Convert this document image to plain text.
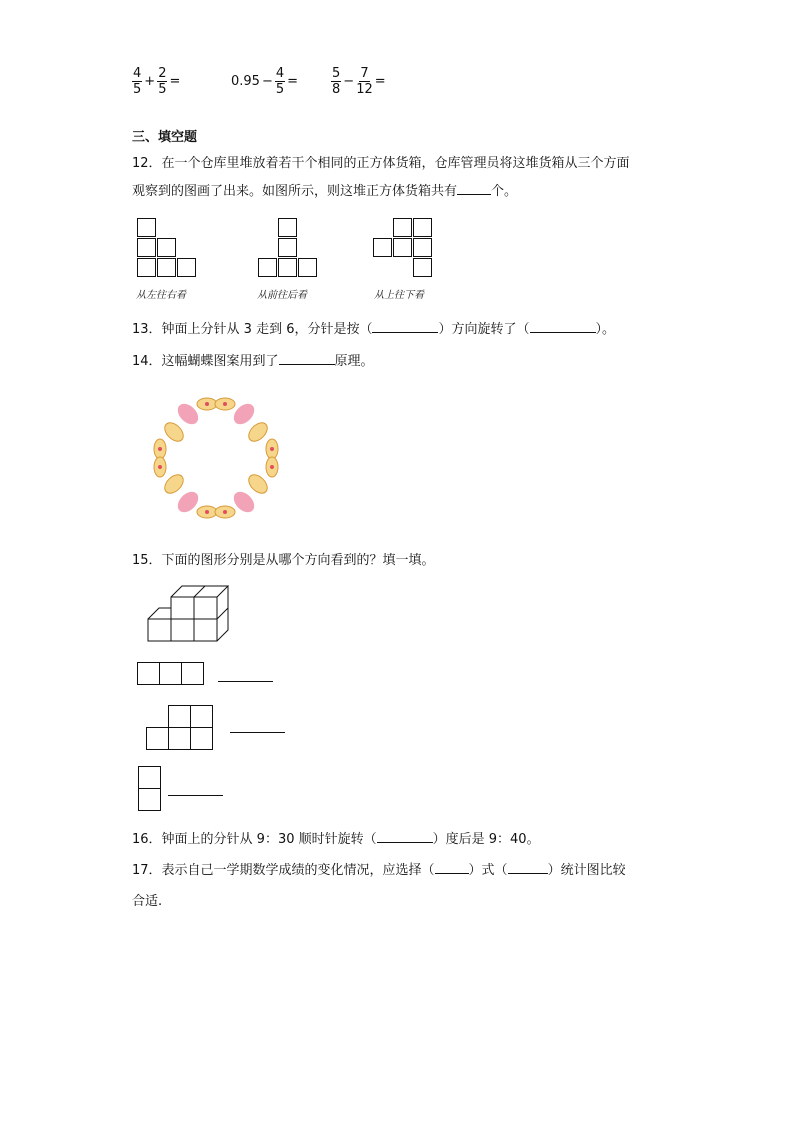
$\frac{4}{5} + \frac{2}{5}$ =	$0.95 - \frac{4}{5}$ =	$\frac{5}{8} - \frac{7}{12}$ =
三、填空题
12．在一个仓库里堆放着若干个相同的正方体货箱，仓库管理员将这堆货箱从三个方面
观察到的图画了出来。如图所示，则这堆正方体货箱共有	个。
从左往右看	从前往后看	从上往下看
13．钟面上分针从 3 走到 6，分针是按（	）方向旋转了（	）。
14．这幅蝴蝶图案用到了	原理。
15．下面的图形分别是从哪个方向看到的？填一填。
16．钟面上的分针从 9：30 顺时针旋转（	）度后是 9：40。
17．表示自己一学期数学成绩的变化情况，应选择（	）式（	）统计图比较
合适.
